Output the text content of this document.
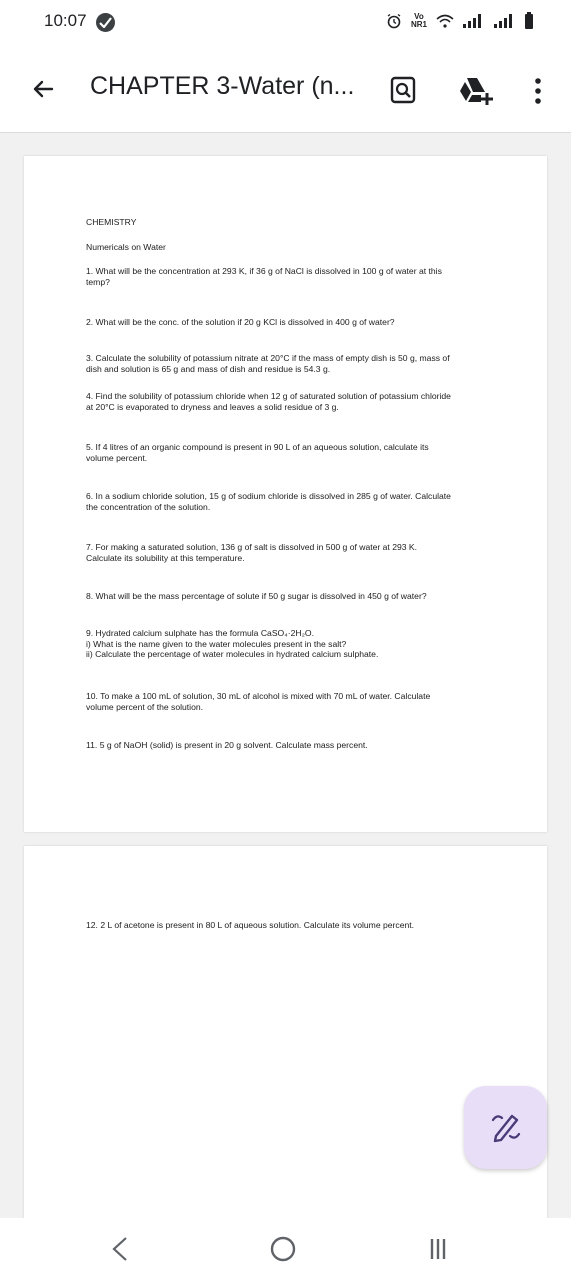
10:07	Vo
NR1
CHAPTER 3-Water (n...
CHEMISTRY
Numericals on Water
1. What will be the concentration at 293 K, if 36 g of NaCl is dissolved in 100 g of water at this
temp?
2. What will be the conc. of the solution if 20 g KCl is dissolved in 400 g of water?
3. Calculate the solubility of potassium nitrate at 20°C if the mass of empty dish is 50 g, mass of
dish and solution is 65 g and mass of dish and residue is 54.3 g.
4. Find the solubility of potassium chloride when 12 g of saturated solution of potassium chloride
at 20°C is evaporated to dryness and leaves a solid residue of 3 g.
5. If 4 litres of an organic compound is present in 90 L of an aqueous solution, calculate its
volume percent.
6. In a sodium chloride solution, 15 g of sodium chloride is dissolved in 285 g of water. Calculate
the concentration of the solution.
7. For making a saturated solution, 136 g of salt is dissolved in 500 g of water at 293 K.
Calculate its solubility at this temperature.
8. What will be the mass percentage of solute if 50 g sugar is dissolved in 450 g of water?
9. Hydrated calcium sulphate has the formula CaSO₄·2H₂O.
i) What is the name given to the water molecules present in the salt?
ii) Calculate the percentage of water molecules in hydrated calcium sulphate.
10. To make a 100 mL of solution, 30 mL of alcohol is mixed with 70 mL of water. Calculate
volume percent of the solution.
11. 5 g of NaOH (solid) is present in 20 g solvent. Calculate mass percent.
12. 2 L of acetone is present in 80 L of aqueous solution. Calculate its volume percent.
